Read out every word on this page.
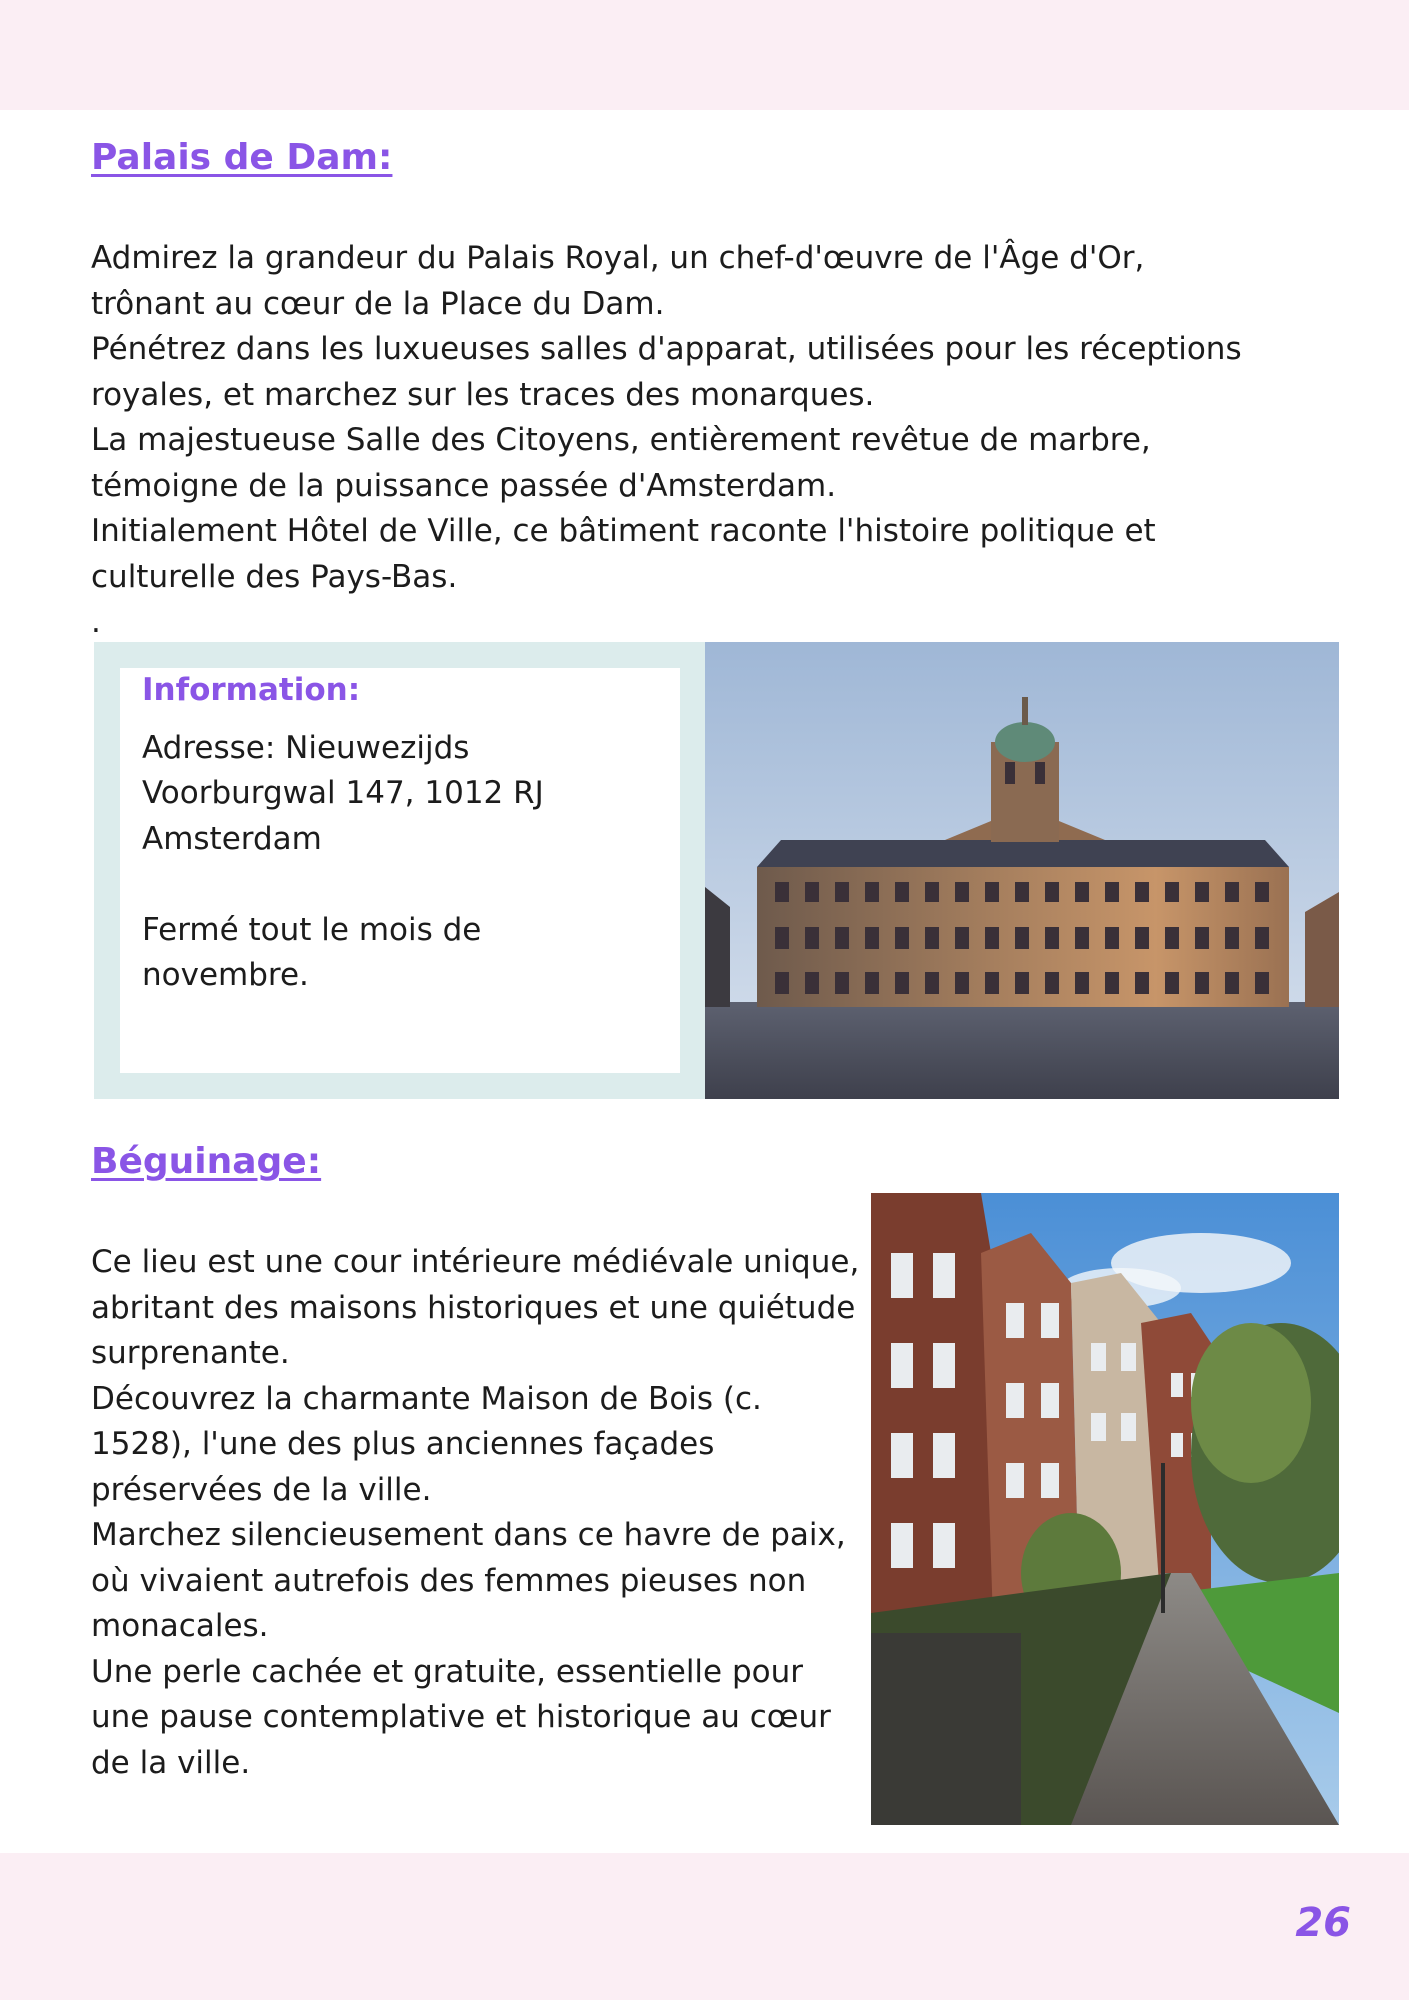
Palais de Dam:

Admirez la grandeur du Palais Royal, un chef-d'œuvre de l'Âge d'Or, trônant au cœur de la Place du Dam.

Pénétrez dans les luxueuses salles d'apparat, utilisées pour les réceptions royales, et marchez sur les traces des monarques.

La majestueuse Salle des Citoyens, entièrement revêtue de marbre, témoigne de la puissance passée d'Amsterdam.

Initialement Hôtel de Ville, ce bâtiment raconte l'histoire politique et culturelle des Pays-Bas.

.

Information:

Adresse: Nieuwezijds

Voorburgwal 147, 1012 RJ

Amsterdam

Fermé tout le mois de

novembre.

Béguinage:

Ce lieu est une cour intérieure médiévale unique, abritant des maisons historiques et une quiétude surprenante.

Découvrez la charmante Maison de Bois (c. 1528), l'une des plus anciennes façades préservées de la ville.

Marchez silencieusement dans ce havre de paix, où vivaient autrefois des femmes pieuses non monacales.

Une perle cachée et gratuite, essentielle pour une pause contemplative et historique au cœur de la ville.

26
